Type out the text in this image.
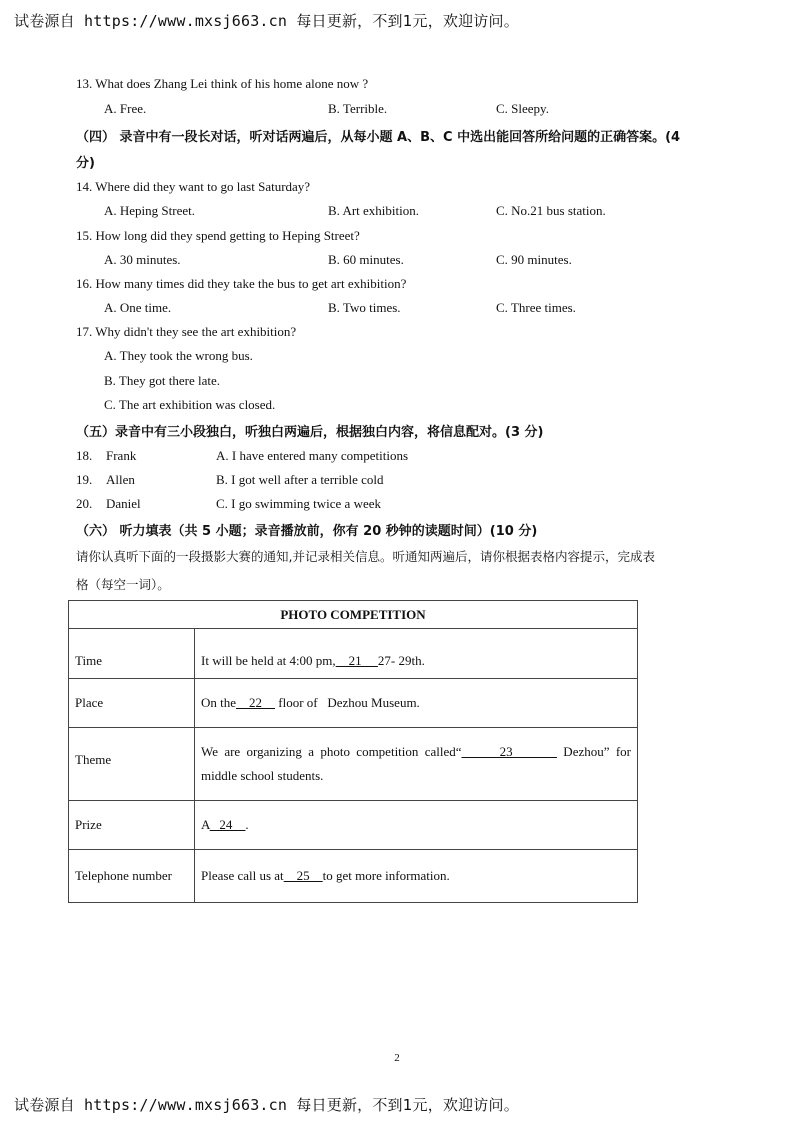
试卷源自 https://www.mxsj663.cn 每日更新，不到1元，欢迎访问。
13. What does Zhang Lei think of his home alone now ?
A. Free.	B. Terrible.	C. Sleepy.
（四） 录音中有一段长对话，听对话两遍后，从每小题 A、B、C 中选出能回答所给问题的正确答案。(4
分)
14. Where did they want to go last Saturday?
A. Heping Street.	B. Art exhibition.	C. No.21 bus station.
15. How long did they spend getting to Heping Street?
A. 30 minutes.	B. 60 minutes.	C. 90 minutes.
16. How many times did they take the bus to get art exhibition?
A. One time.	B. Two times.	C. Three times.
17. Why didn't they see the art exhibition?
A. They took the wrong bus.
B. They got there late.
C. The art exhibition was closed.
（五）录音中有三小段独白，听独白两遍后，根据独白内容，将信息配对。(3 分)
18. Frank	A. I have entered many competitions
19. Allen	B. I got well after a terrible cold
20. Daniel	C. I go swimming twice a week
（六） 听力填表（共 5 小题；录音播放前，你有 20 秒钟的读题时间）(10 分)
请你认真听下面的一段摄影大赛的通知,并记录相关信息。听通知两遍后，请你根据表格内容提示，完成表
格（每空一词）。
PHOTO COMPETITION	
Time	It will be held at 4:00 pm,    21     27- 29th.
Place	On the    22     floor of   Dezhou Museum.
Theme	We are organizing a photo competition called“      23        Dezhou” for
middle school students.

Prize	A   24    .
Telephone number	Please call us at    25    to get more information.
2
试卷源自 https://www.mxsj663.cn 每日更新，不到1元，欢迎访问。
